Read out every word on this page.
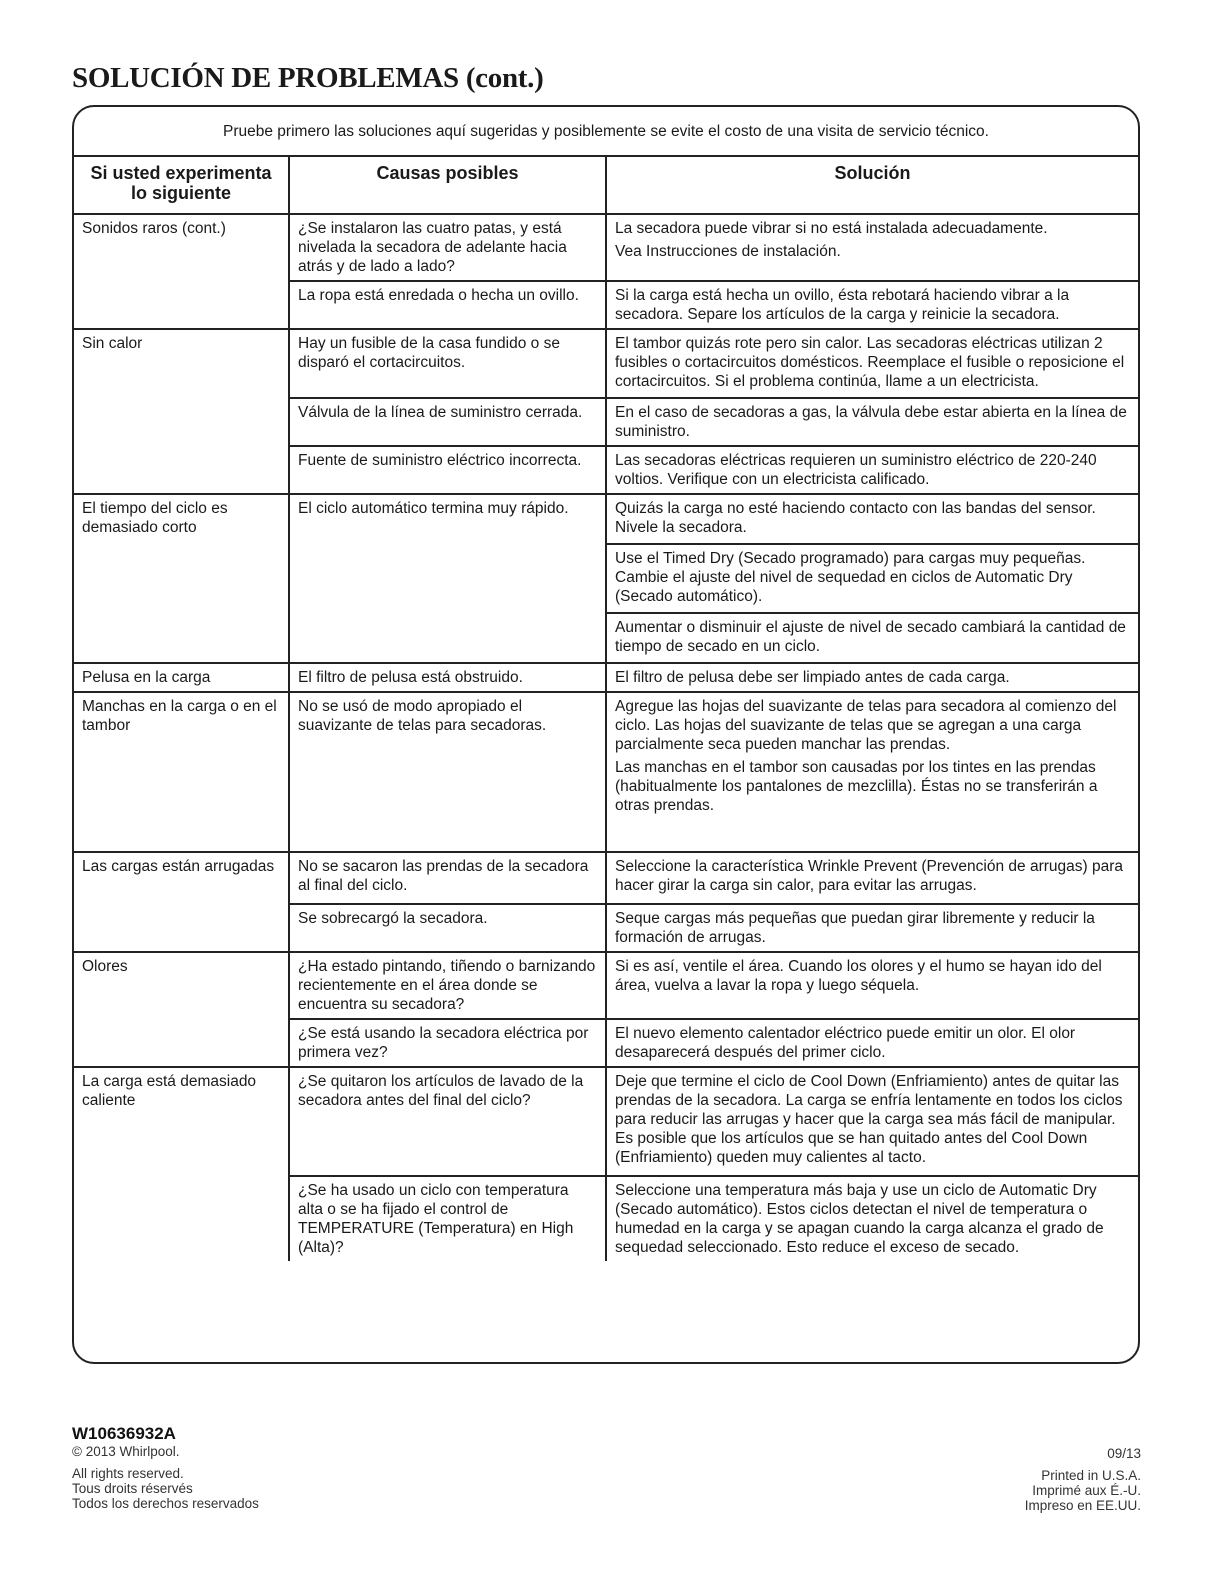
SOLUCIÓN DE PROBLEMAS (cont.)
Pruebe primero las soluciones aquí sugeridas y posiblemente se evite el costo de una visita de servicio técnico.
Si usted experimenta lo siguiente	Causas posibles	Solución
Sonidos raros (cont.)	¿Se instalaron las cuatro patas, y está nivelada la secadora de adelante hacia atrás y de lado a lado?	La secadora puede vibrar si no está instalada adecuadamente.

Vea Instrucciones de instalación.

	La ropa está enredada o hecha un ovillo.	Si la carga está hecha un ovillo, ésta rebotará haciendo vibrar a la secadora. Separe los artículos de la carga y reinicie la secadora.
Sin calor	Hay un fusible de la casa fundido o se disparó el cortacircuitos.	El tambor quizás rote pero sin calor. Las secadoras eléctricas utilizan 2 fusibles o cortacircuitos domésticos. Reemplace el fusible o reposicione el cortacircuitos. Si el problema continúa, llame a un electricista.
	Válvula de la línea de suministro cerrada.	En el caso de secadoras a gas, la válvula debe estar abierta en la línea de suministro.
	Fuente de suministro eléctrico incorrecta.	Las secadoras eléctricas requieren un suministro eléctrico de 220-240 voltios. Verifique con un electricista calificado.
El tiempo del ciclo es demasiado corto	El ciclo automático termina muy rápido.	Quizás la carga no esté haciendo contacto con las bandas del sensor. Nivele la secadora.
		Use el Timed Dry (Secado programado) para cargas muy pequeñas. Cambie el ajuste del nivel de sequedad en ciclos de Automatic Dry (Secado automático).
		Aumentar o disminuir el ajuste de nivel de secado cambiará la cantidad de tiempo de secado en un ciclo.
Pelusa en la carga	El filtro de pelusa está obstruido.	El filtro de pelusa debe ser limpiado antes de cada carga.
Manchas en la carga o en el tambor	No se usó de modo apropiado el suavizante de telas para secadoras.	Agregue las hojas del suavizante de telas para secadora al comienzo del ciclo. Las hojas del suavizante de telas que se agregan a una carga parcialmente seca pueden manchar las prendas.

Las manchas en el tambor son causadas por los tintes en las prendas (habitualmente los pantalones de mezclilla). Éstas no se transferirán a otras prendas.

Las cargas están arrugadas	No se sacaron las prendas de la secadora al final del ciclo.	Seleccione la característica Wrinkle Prevent (Prevención de arrugas) para hacer girar la carga sin calor, para evitar las arrugas.
	Se sobrecargó la secadora.	Seque cargas más pequeñas que puedan girar libremente y reducir la formación de arrugas.
Olores	¿Ha estado pintando, tiñendo o barnizando recientemente en el área donde se encuentra su secadora?	Si es así, ventile el área. Cuando los olores y el humo se hayan ido del área, vuelva a lavar la ropa y luego séquela.
	¿Se está usando la secadora eléctrica por primera vez?	El nuevo elemento calentador eléctrico puede emitir un olor. El olor desaparecerá después del primer ciclo.
La carga está demasiado caliente	¿Se quitaron los artículos de lavado de la secadora antes del final del ciclo?	Deje que termine el ciclo de Cool Down (Enfriamiento) antes de quitar las prendas de la secadora. La carga se enfría lentamente en todos los ciclos para reducir las arrugas y hacer que la carga sea más fácil de manipular. Es posible que los artículos que se han quitado antes del Cool Down (Enfriamiento) queden muy calientes al tacto.
	¿Se ha usado un ciclo con temperatura alta o se ha fijado el control de TEMPERATURE (Temperatura) en High (Alta)?	Seleccione una temperatura más baja y use un ciclo de Automatic Dry (Secado automático). Estos ciclos detectan el nivel de temperatura o humedad en la carga y se apagan cuando la carga alcanza el grado de sequedad seleccionado. Esto reduce el exceso de secado.
W10636932A
© 2013 Whirlpool.
All rights reserved.
Tous droits réservés
Todos los derechos reservados
09/13
Printed in U.S.A.
Imprimé aux É.-U.
Impreso en EE.UU.
